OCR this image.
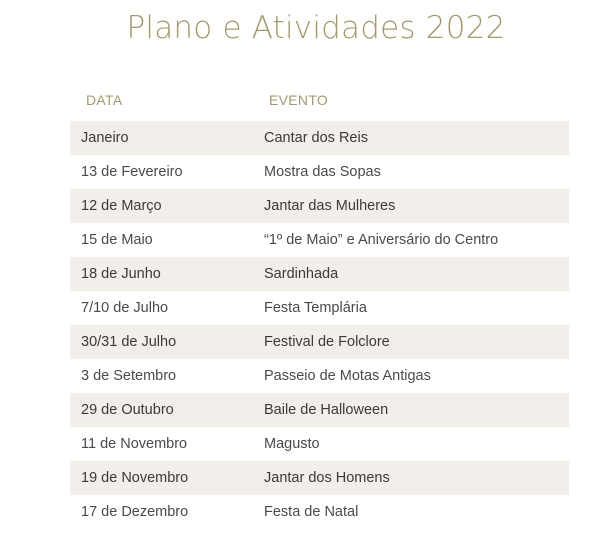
Plano e Atividades 2022
DATA	EVENTO
Janeiro	Cantar dos Reis
13 de Fevereiro	Mostra das Sopas
12 de Março	Jantar das Mulheres
15 de Maio	“1º de Maio” e Aniversário do Centro
18 de Junho	Sardinhada
7/10 de Julho	Festa Templária
30/31 de Julho	Festival de Folclore
3 de Setembro	Passeio de Motas Antigas
29 de Outubro	Baile de Halloween
11 de Novembro	Magusto
19 de Novembro	Jantar dos Homens
17 de Dezembro	Festa de Natal
